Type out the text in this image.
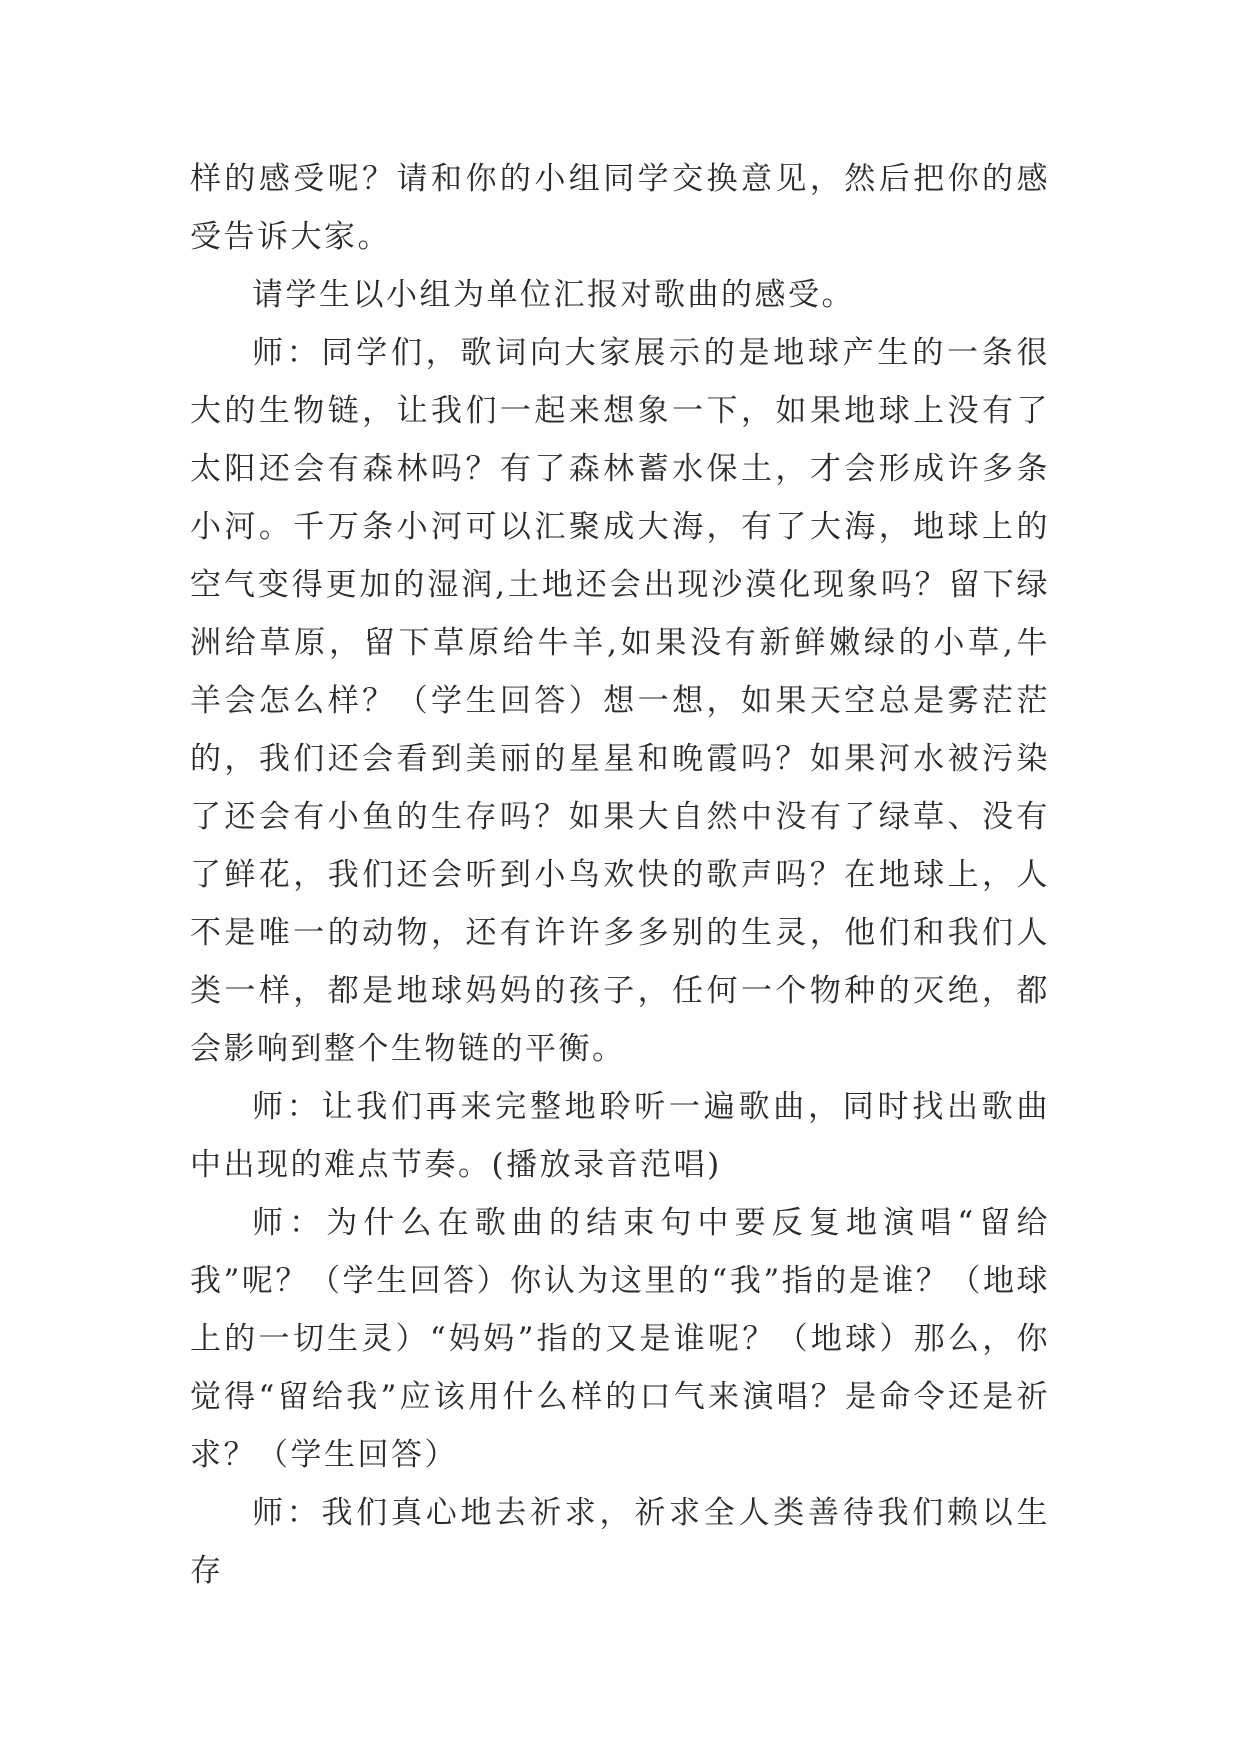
样的感受呢？请和你的小组同学交换意见，然后把你的感受告诉大家。

请学生以小组为单位汇报对歌曲的感受。

师：同学们，歌词向大家展示的是地球产生的一条很大的生物链，让我们一起来想象一下，如果地球上没有了太阳还会有森林吗？有了森林蓄水保土，才会形成许多条小河。千万条小河可以汇聚成大海，有了大海，地球上的空气变得更加的湿润,土地还会出现沙漠化现象吗？留下绿洲给草原，留下草原给牛羊,如果没有新鲜嫩绿的小草,牛羊会怎么样？（学生回答）想一想，如果天空总是雾茫茫的，我们还会看到美丽的星星和晚霞吗？如果河水被污染了还会有小鱼的生存吗？如果大自然中没有了绿草、没有了鲜花，我们还会听到小鸟欢快的歌声吗？在地球上，人不是唯一的动物，还有许许多多别的生灵，他们和我们人类一样，都是地球妈妈的孩子，任何一个物种的灭绝，都会影响到整个生物链的平衡。

师：让我们再来完整地聆听一遍歌曲，同时找出歌曲中出现的难点节奏。(播放录音范唱)

师：为什么在歌曲的结束句中要反复地演唱“留给我”呢？（学生回答）你认为这里的“我”指的是谁？（地球上的一切生灵）“妈妈”指的又是谁呢？（地球）那么，你觉得“留给我”应该用什么样的口气来演唱？是命令还是祈求？（学生回答）

师：我们真心地去祈求，祈求全人类善待我们赖以生存
